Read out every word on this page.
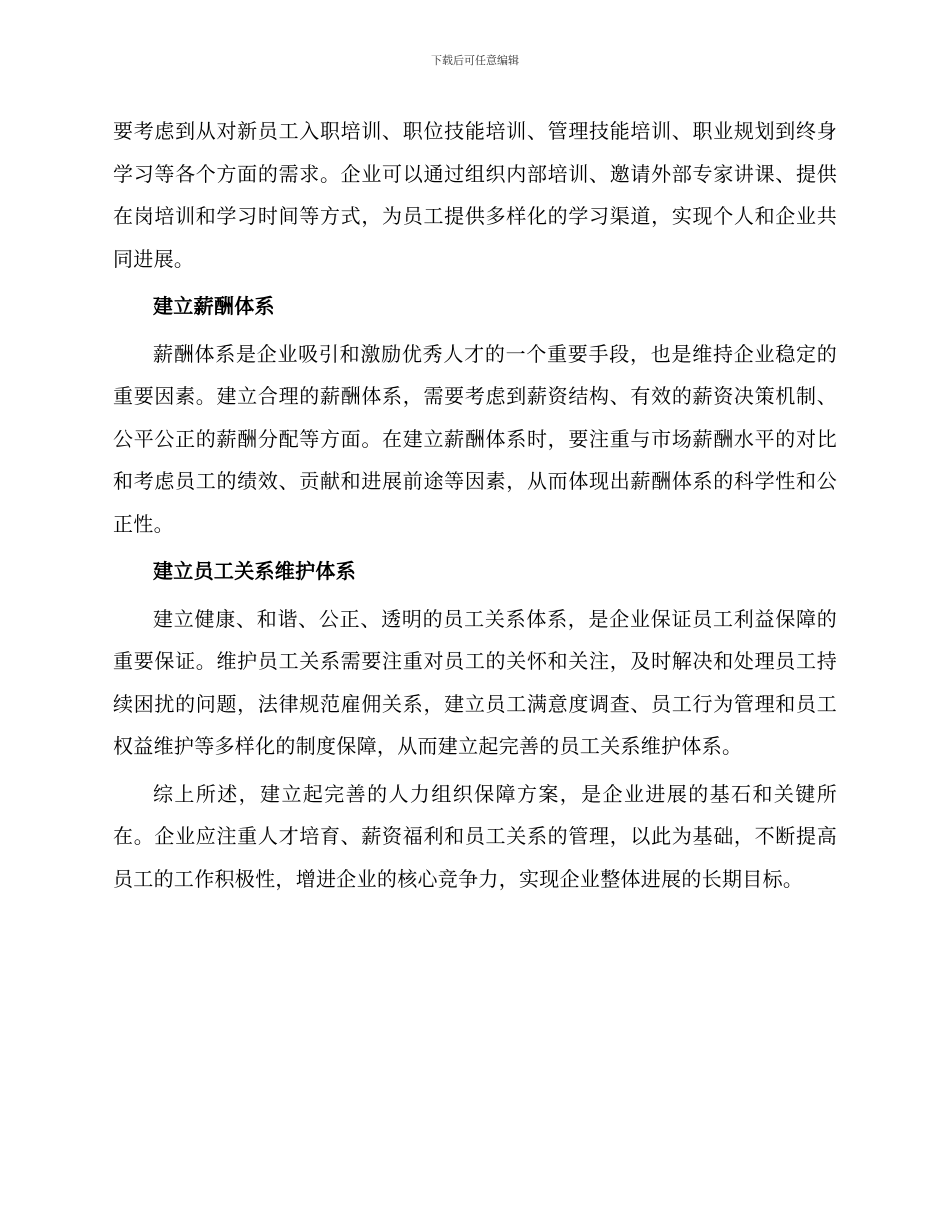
下载后可任意编辑

要考虑到从对新员工入职培训、职位技能培训、管理技能培训、职业规划到终身学习等各个方面的需求。企业可以通过组织内部培训、邀请外部专家讲课、提供在岗培训和学习时间等方式，为员工提供多样化的学习渠道，实现个人和企业共同进展。

建立薪酬体系

薪酬体系是企业吸引和激励优秀人才的一个重要手段，也是维持企业稳定的重要因素。建立合理的薪酬体系，需要考虑到薪资结构、有效的薪资决策机制、公平公正的薪酬分配等方面。在建立薪酬体系时，要注重与市场薪酬水平的对比和考虑员工的绩效、贡献和进展前途等因素，从而体现出薪酬体系的科学性和公正性。

建立员工关系维护体系

建立健康、和谐、公正、透明的员工关系体系，是企业保证员工利益保障的重要保证。维护员工关系需要注重对员工的关怀和关注，及时解决和处理员工持续困扰的问题，法律规范雇佣关系，建立员工满意度调查、员工行为管理和员工权益维护等多样化的制度保障，从而建立起完善的员工关系维护体系。

综上所述，建立起完善的人力组织保障方案，是企业进展的基石和关键所在。企业应注重人才培育、薪资福利和员工关系的管理，以此为基础，不断提高员工的工作积极性，增进企业的核心竞争力，实现企业整体进展的长期目标。
